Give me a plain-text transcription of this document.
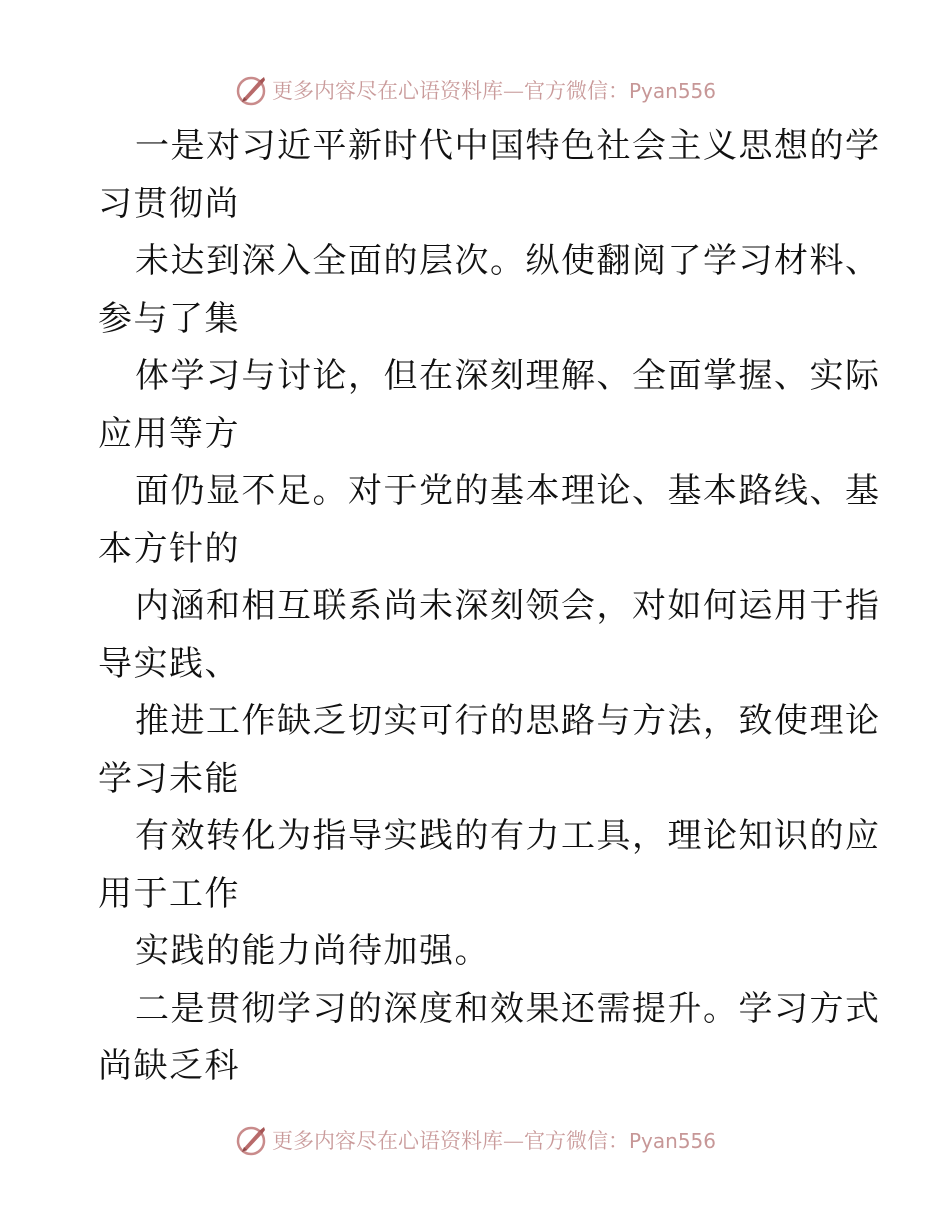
更多内容尽在心语资料库—官方微信：Pyan556
一是对习近平新时代中国特色社会主义思想的学
习贯彻尚
未达到深入全面的层次。纵使翻阅了学习材料、
参与了集
体学习与讨论，但在深刻理解、全面掌握、实际
应用等方
面仍显不足。对于党的基本理论、基本路线、基
本方针的
内涵和相互联系尚未深刻领会，对如何运用于指
导实践、
推进工作缺乏切实可行的思路与方法，致使理论
学习未能
有效转化为指导实践的有力工具，理论知识的应
用于工作
实践的能力尚待加强。
二是贯彻学习的深度和效果还需提升。学习方式
尚缺乏科
更多内容尽在心语资料库—官方微信：Pyan556
